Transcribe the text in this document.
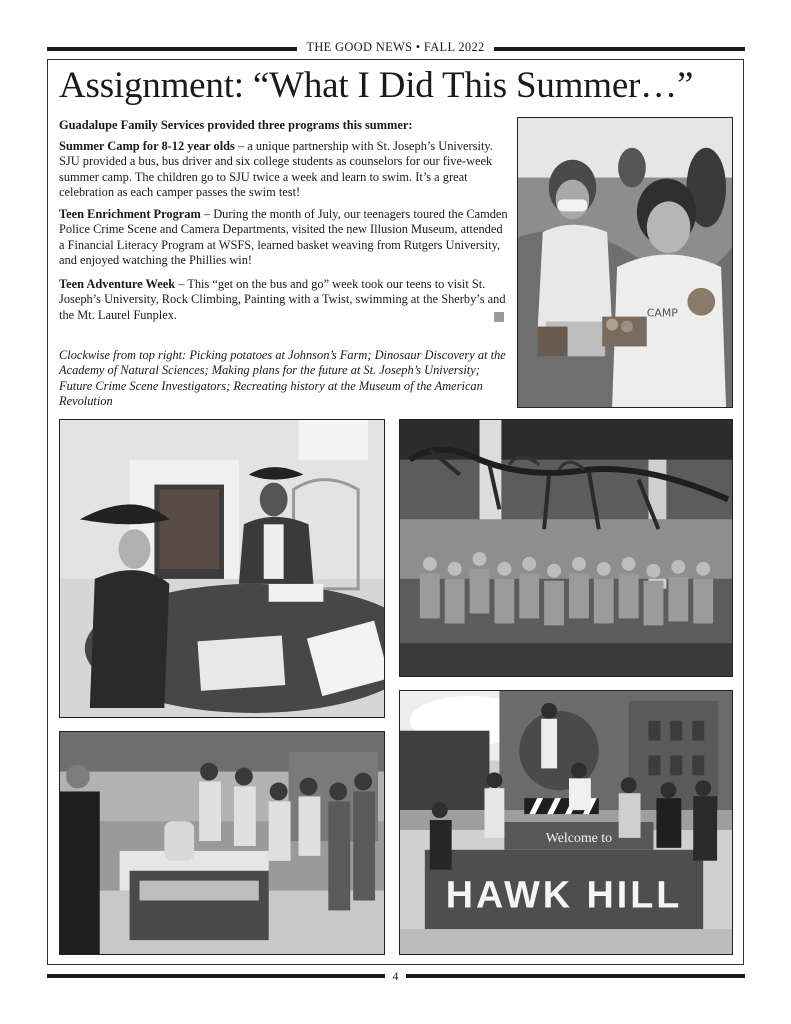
THE GOOD NEWS • FALL 2022
Assignment: “What I Did This Summer…”
Guadalupe Family Services provided three programs this summer:
Summer Camp for 8-12 year olds – a unique partnership with St. Joseph’s University. SJU provided a bus, bus driver and six college students as counselors for our five-week summer camp. The children go to SJU twice a week and learn to swim. It’s a great celebration as each camper passes the swim test!
Teen Enrichment Program – During the month of July, our teenagers toured the Camden Police Crime Scene and Camera Departments, visited the new Illusion Museum, attended a Financial Literacy Program at WSFS, learned basket weaving from Rutgers University, and enjoyed watching the Phillies win!
Teen Adventure Week – This “get on the bus and go” week took our teens to visit St. Joseph’s University, Rock Climbing, Painting with a Twist, swimming at the Sherby’s and the Mt. Laurel Funplex.
Clockwise from top right: Picking potatoes at Johnson’s Farm; Dinosaur Discovery at the Academy of Natural Sciences; Making plans for the future at St. Joseph’s University; Future Crime Scene Investigators; Recreating history at the Museum of the American Revolution
CAMP
Welcome to
HAWK HILL
4
